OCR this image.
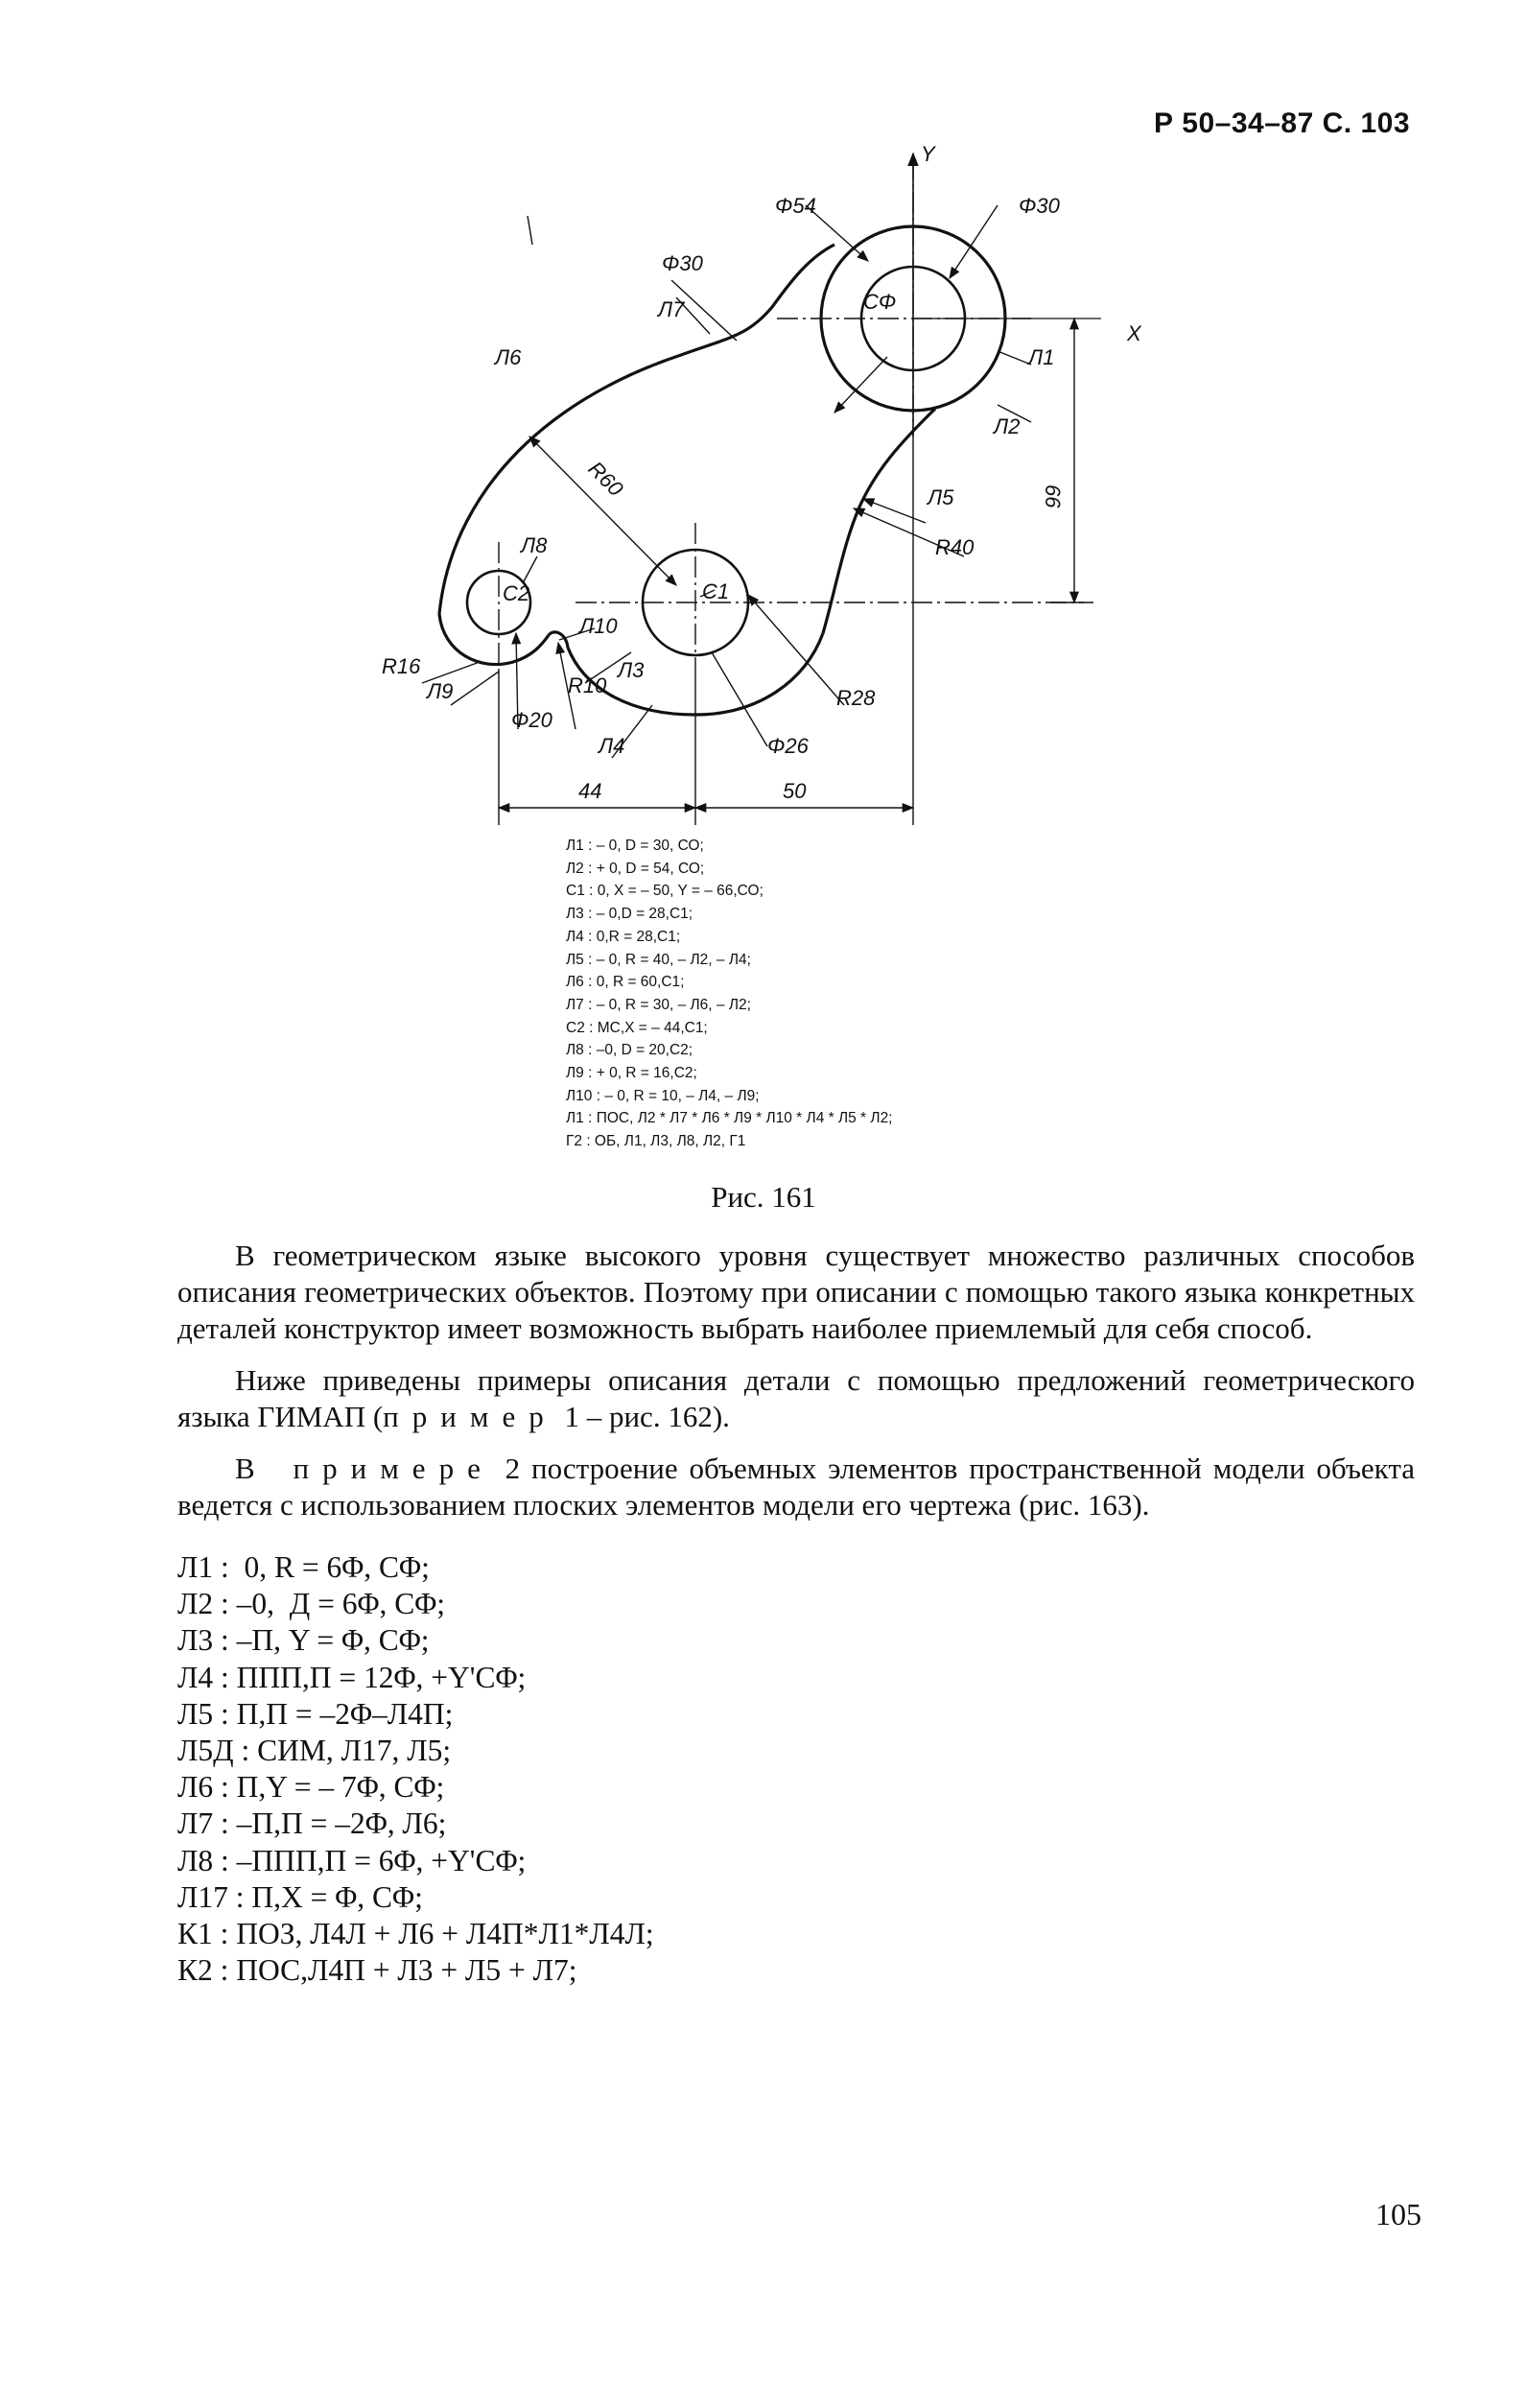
Р 50–34–87 С. 103
X
Y
Φ54	Φ30
Φ30
СΦ
Л1
Л2
Л5
R40
66
Л7
Л6
R60
Л8
С2	С1
Л10
R16
Л9	R10
Φ20
Л3
R28
Л4	Φ26
44	50
Л1 : – 0, D = 30, СО;
Л2 : + 0, D = 54, СО;
С1 : 0, X = – 50, Y = – 66,СО;
Л3 : – 0,D = 28,С1;
Л4 : 0,R = 28,С1;
Л5 : – 0, R = 40, – Л2, – Л4;
Л6 : 0, R = 60,С1;
Л7 : – 0, R = 30, – Л6, – Л2;
С2 : МС,X = – 44,С1;
Л8 : –0, D = 20,С2;
Л9 : + 0, R = 16,С2;
Л10 : – 0, R = 10, – Л4, – Л9;
Л1 : ПОС, Л2 * Л7 * Л6 * Л9 * Л10 * Л4 * Л5 * Л2;
Г2 : ОБ, Л1, Л3, Л8, Л2, Г1
Рис. 161

В геометрическом языке высокого уровня существует множество различных способов описания геометрических объектов. Поэтому при описании с помощью такого языка конкретных деталей конструктор имеет возможность выбрать наиболее приемлемый для себя способ.

Ниже приведены примеры описания детали с помощью предложений геометрического языка ГИМАП (пример 1 – рис. 162).

В примере 2 построение объемных элементов пространственной модели объекта ведется с использованием плоских элементов модели его чертежа (рис. 163).

Л1 :  0, R = 6Φ, СΦ;
Л2 : –0,  Д = 6Φ, СΦ;
Л3 : –П, Y = Φ, СΦ;
Л4 : ППП,П = 12Φ, +Y'СΦ;
Л5 : П,П = –2Φ–Л4П;
Л5Д : СИМ, Л17, Л5;
Л6 : П,Y = – 7Φ, СΦ;
Л7 : –П,П = –2Φ, Л6;
Л8 : –ППП,П = 6Φ, +Y'СΦ;
Л17 : П,X = Φ, СΦ;
К1 : ПОЗ, Л4Л + Л6 + Л4П*Л1*Л4Л;
К2 : ПОС,Л4П + Л3 + Л5 + Л7;
105
